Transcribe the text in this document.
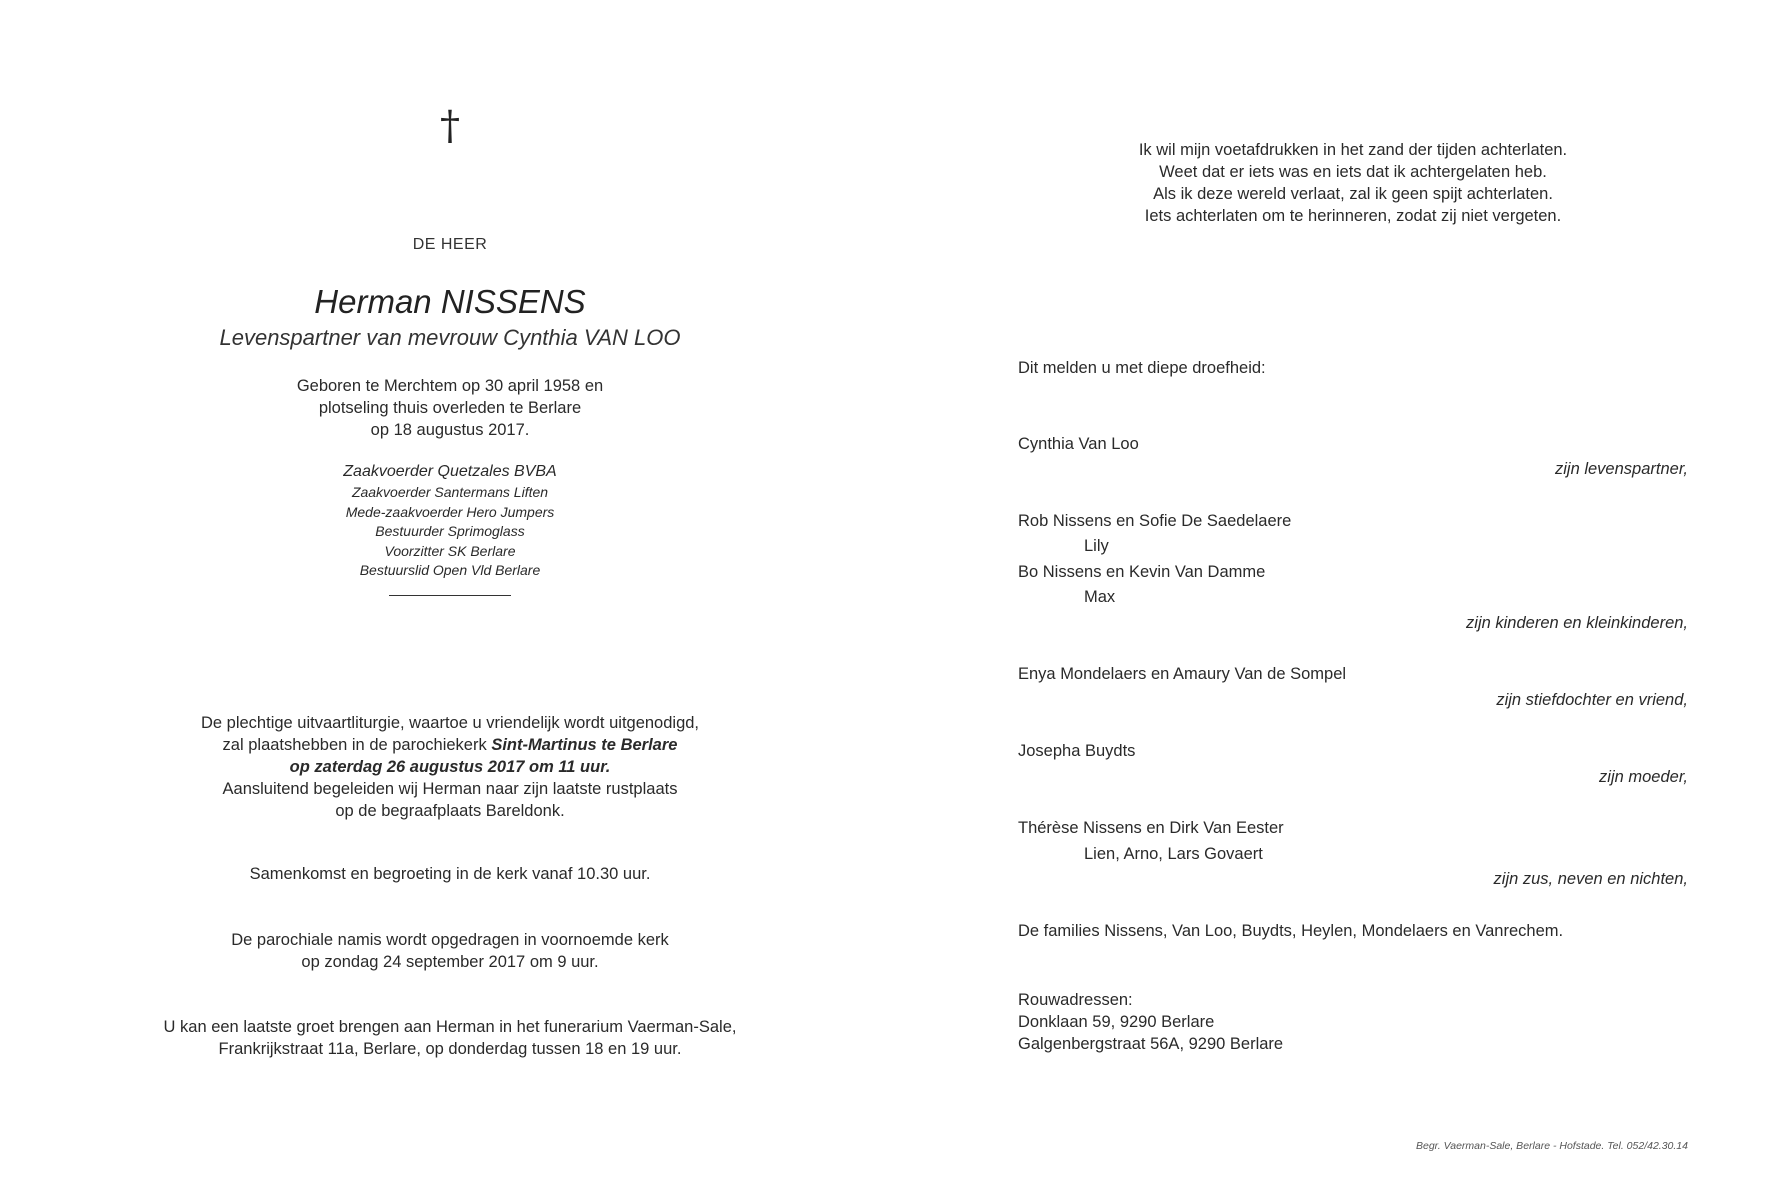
†
DE HEER
Herman NISSENS
Levenspartner van mevrouw Cynthia VAN LOO
Geboren te Merchtem op 30 april 1958 en
plotseling thuis overleden te Berlare
op 18 augustus 2017.
Zaakvoerder Quetzales BVBA
Zaakvoerder Santermans Liften
Mede-zaakvoerder Hero Jumpers
Bestuurder Sprimoglass
Voorzitter SK Berlare
Bestuurslid Open Vld Berlare
De plechtige uitvaartliturgie, waartoe u vriendelijk wordt uitgenodigd,
zal plaatshebben in de parochiekerk Sint-Martinus te Berlare
op zaterdag 26 augustus 2017 om 11 uur.
Aansluitend begeleiden wij Herman naar zijn laatste rustplaats
op de begraafplaats Bareldonk.
Samenkomst en begroeting in de kerk vanaf 10.30 uur.
De parochiale namis wordt opgedragen in voornoemde kerk
op zondag 24 september 2017 om 9 uur.
U kan een laatste groet brengen aan Herman in het funerarium Vaerman-Sale,
Frankrijkstraat 11a, Berlare, op donderdag tussen 18 en 19 uur.
Ik wil mijn voetafdrukken in het zand der tijden achterlaten.
Weet dat er iets was en iets dat ik achtergelaten heb.
Als ik deze wereld verlaat, zal ik geen spijt achterlaten.
Iets achterlaten om te herinneren, zodat zij niet vergeten.
Dit melden u met diepe droefheid:
Cynthia Van Loo
zijn levenspartner,
Rob Nissens en Sofie De Saedelaere
Lily
Bo Nissens en Kevin Van Damme
Max
zijn kinderen en kleinkinderen,
Enya Mondelaers en Amaury Van de Sompel
zijn stiefdochter en vriend,
Josepha Buydts
zijn moeder,
Thérèse Nissens en Dirk Van Eester
Lien, Arno, Lars Govaert
zijn zus, neven en nichten,
De families Nissens, Van Loo, Buydts, Heylen, Mondelaers en Vanrechem.
Rouwadressen:
Donklaan 59, 9290 Berlare
Galgenbergstraat 56A, 9290 Berlare
Begr. Vaerman-Sale, Berlare - Hofstade. Tel. 052/42.30.14
